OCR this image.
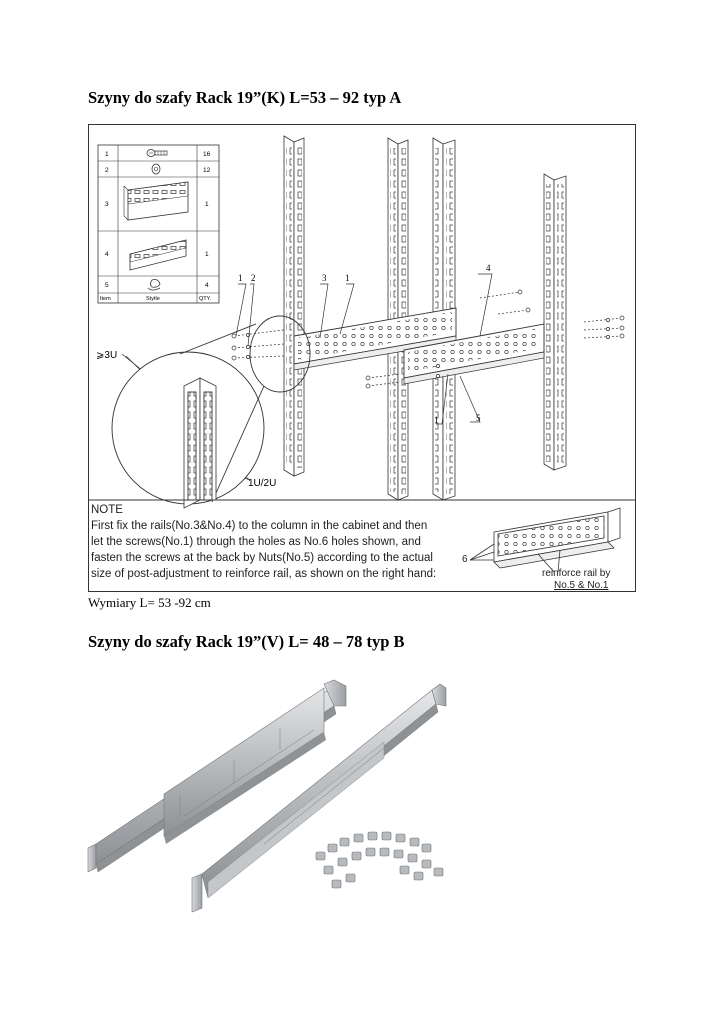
Szyny do szafy Rack 19”(K) L=53 – 92 typ A
1	16
2	12
3	1
4	1
5	4
Item	Stytle	QTY.
1 2	3 1
4
1	5
⩾3U
1U/2U
NOTE
First fix the rails(No.3&No.4) to the column in the cabinet and then
let the screws(No.1) through the holes as No.6 holes shown, and
fasten the screws at the back by Nuts(No.5) according to the actual
size of post-adjustment to reinforce rail, as shown on the right hand:
6
reinforce rail by
No.5 & No.1
Wymiary L= 53 -92 cm
Szyny do szafy Rack 19”(V) L= 48 – 78 typ B
